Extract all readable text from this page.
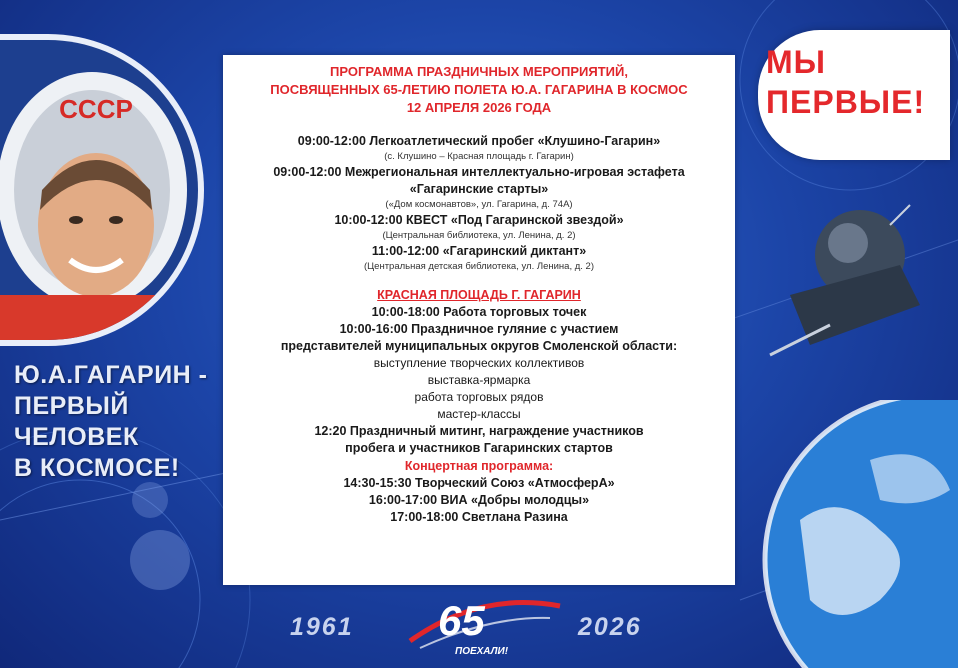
СССР
Ю.А.ГАГАРИН -
ПЕРВЫЙ
ЧЕЛОВЕК
В КОСМОСЕ!
МЫ
ПЕРВЫЕ!
ПРОГРАММА ПРАЗДНИЧНЫХ МЕРОПРИЯТИЙ,
ПОСВЯЩЕННЫХ 65-ЛЕТИЮ ПОЛЕТА Ю.А. ГАГАРИНА В КОСМОС
12 АПРЕЛЯ 2026 ГОДА
09:00-12:00 Легкоатлетический пробег «Клушино-Гагарин»
(с. Клушино – Красная площадь г. Гагарин)
09:00-12:00 Межрегиональная интеллектуально-игровая эстафета
«Гагаринские старты»
(«Дом космонавтов», ул. Гагарина, д. 74А)
10:00-12:00 КВЕСТ «Под Гагаринской звездой»
(Центральная библиотека, ул. Ленина, д. 2)
11:00-12:00 «Гагаринский диктант»
(Центральная детская библиотека, ул. Ленина, д. 2)
КРАСНАЯ ПЛОЩАДЬ Г. ГАГАРИН
10:00-18:00 Работа торговых точек
10:00-16:00 Праздничное гуляние с участием
представителей муниципальных округов Смоленской области:
выступление творческих коллективов
выставка-ярмарка
работа торговых рядов
мастер-классы
12:20 Праздничный митинг, награждение участников
пробега и участников Гагаринских стартов
Концертная программа:
14:30-15:30 Творческий Союз «АтмосферА»
16:00-17:00 ВИА «Добры молодцы»
17:00-18:00 Светлана Разина
1961	2026
65
ПОЕХАЛИ!
